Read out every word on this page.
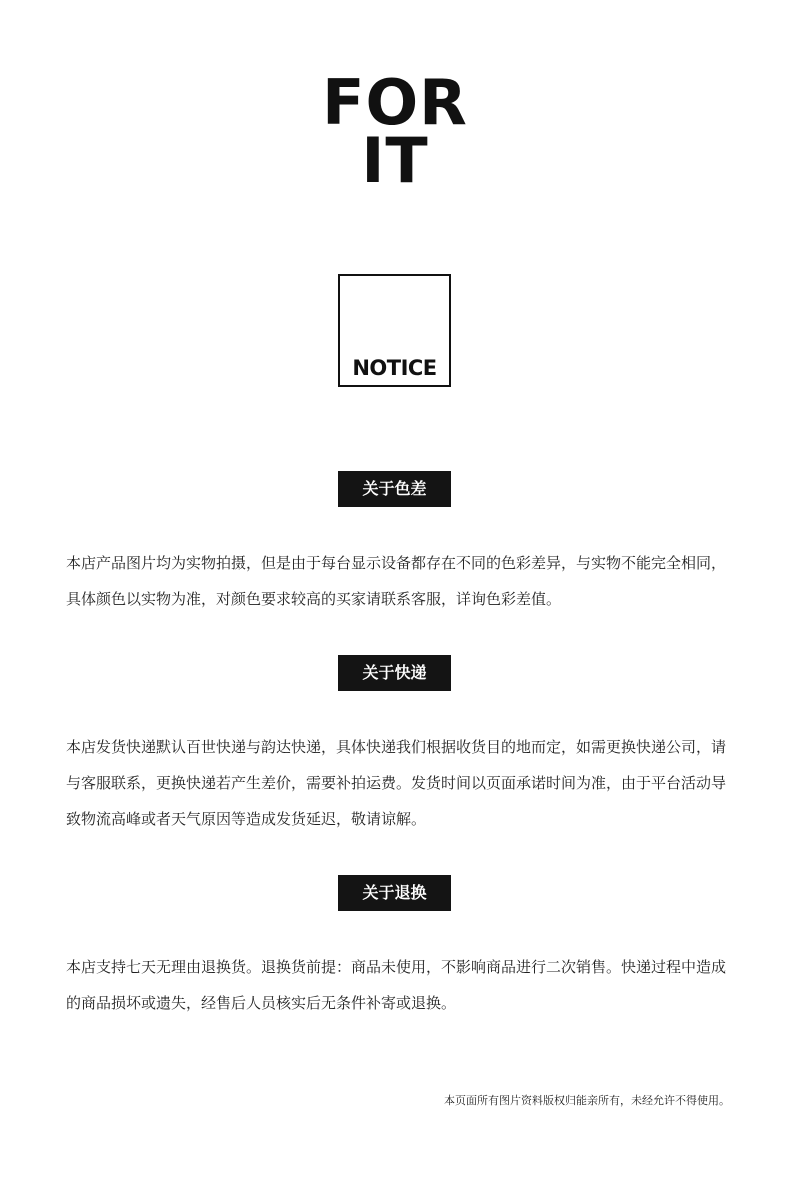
FOR
IT
NOTICE
关于色差

本店产品图片均为实物拍摄，但是由于每台显示设备都存在不同的色彩差异，与实物不能完全相同，具体颜色以实物为准，对颜色要求较高的买家请联系客服，详询色彩差值。

关于快递

本店发货快递默认百世快递与韵达快递，具体快递我们根据收货目的地而定，如需更换快递公司，请与客服联系，更换快递若产生差价，需要补拍运费。发货时间以页面承诺时间为准，由于平台活动导致物流高峰或者天气原因等造成发货延迟，敬请谅解。

关于退换

本店支持七天无理由退换货。退换货前提：商品未使用，不影响商品进行二次销售。快递过程中造成的商品损坏或遗失，经售后人员核实后无条件补寄或退换。

本页面所有图片资料版权归能亲所有，未经允许不得使用。
